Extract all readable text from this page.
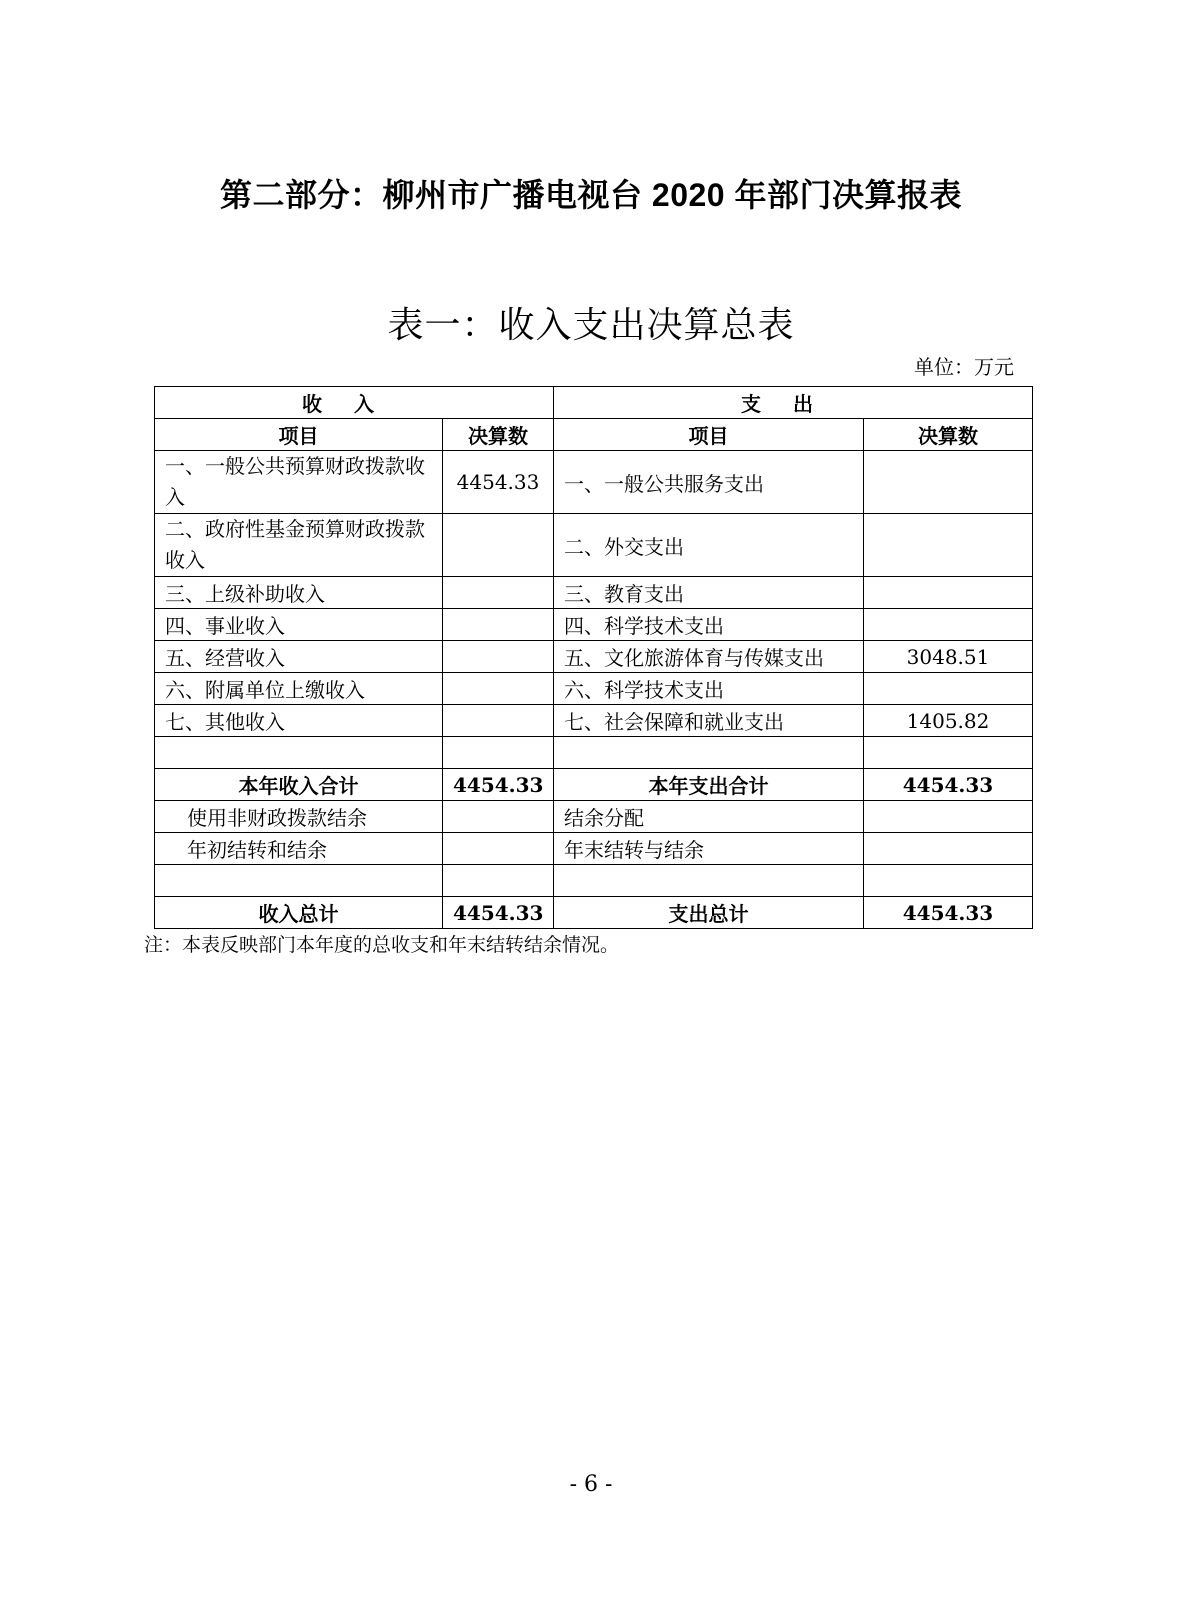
第二部分：柳州市广播电视台 2020 年部门决算报表
表一：收入支出决算总表
单位：万元
收入		支出	
项目	决算数	项目	决算数
一、一般公共预算财政拨款收入	4454.33	一、一般公共服务支出	
二、政府性基金预算财政拨款收入		二、外交支出	
三、上级补助收入		三、教育支出	
四、事业收入		四、科学技术支出	
五、经营收入		五、文化旅游体育与传媒支出	3048.51
六、附属单位上缴收入		六、科学技术支出	
七、其他收入		七、社会保障和就业支出	1405.82

本年收入合计	4454.33	本年支出合计	4454.33
使用非财政拨款结余		结余分配	
年初结转和结余		年末结转与结余	

收入总计	4454.33	支出总计	4454.33
注：本表反映部门本年度的总收支和年末结转结余情况。
- 6 -
